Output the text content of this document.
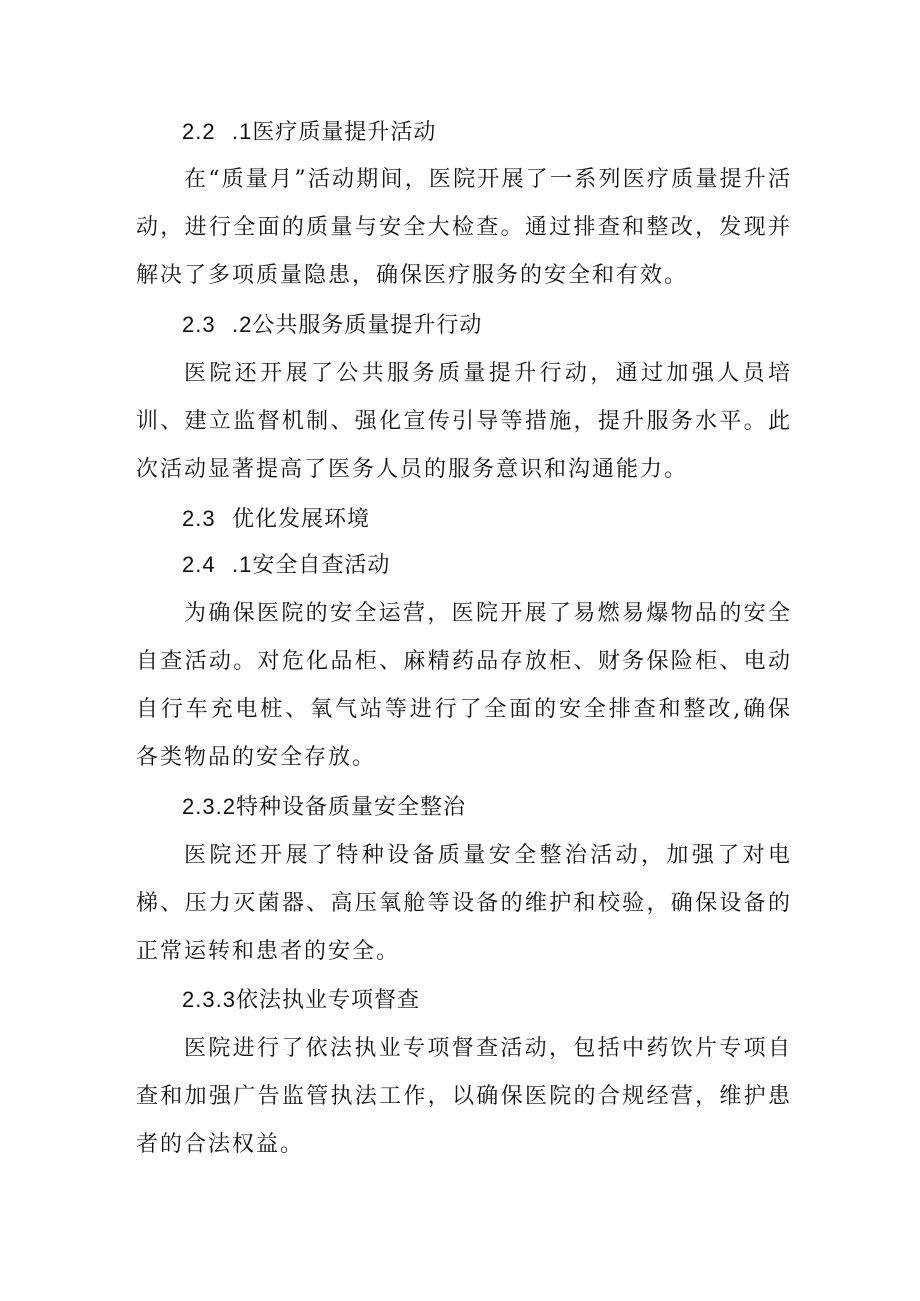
2.2 .1医疗质量提升活动

在“质量月”活动期间，医院开展了一系列医疗质量提升活动，进行全面的质量与安全大检查。通过排查和整改，发现并解决了多项质量隐患，确保医疗服务的安全和有效。

2.3 .2公共服务质量提升行动

医院还开展了公共服务质量提升行动，通过加强人员培训、建立监督机制、强化宣传引导等措施，提升服务水平。此次活动显著提高了医务人员的服务意识和沟通能力。

2.3 优化发展环境
2.4 .1安全自查活动

为确保医院的安全运营，医院开展了易燃易爆物品的安全自查活动。对危化品柜、麻精药品存放柜、财务保险柜、电动自行车充电桩、氧气站等进行了全面的安全排查和整改,确保各类物品的安全存放。

2.3.2特种设备质量安全整治

医院还开展了特种设备质量安全整治活动，加强了对电梯、压力灭菌器、高压氧舱等设备的维护和校验，确保设备的正常运转和患者的安全。

2.3.3依法执业专项督查

医院进行了依法执业专项督查活动，包括中药饮片专项自查和加强广告监管执法工作，以确保医院的合规经营，维护患者的合法权益。
